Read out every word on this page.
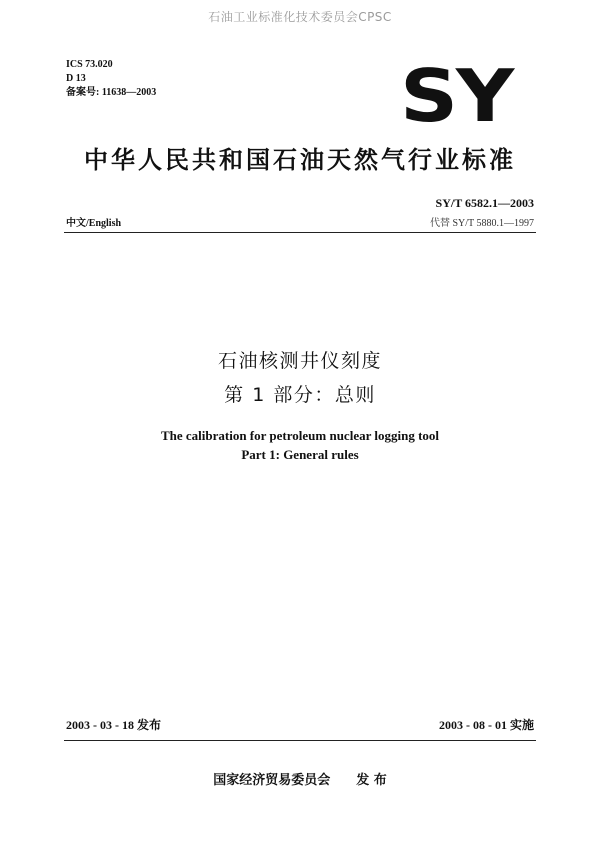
石油工业标准化技术委员会CPSC
ICS 73.020
D 13
备案号: 11638—2003	SY
中华人民共和国石油天然气行业标准
SY/T 6582.1—2003
中文/English	代替 SY/T 5880.1—1997
石油核测井仪刻度
第 1 部分：总则
The calibration for petroleum nuclear logging tool
Part 1: General rules
2003 - 03 - 18 发布	2003 - 08 - 01 实施
国家经济贸易委员会 发 布
